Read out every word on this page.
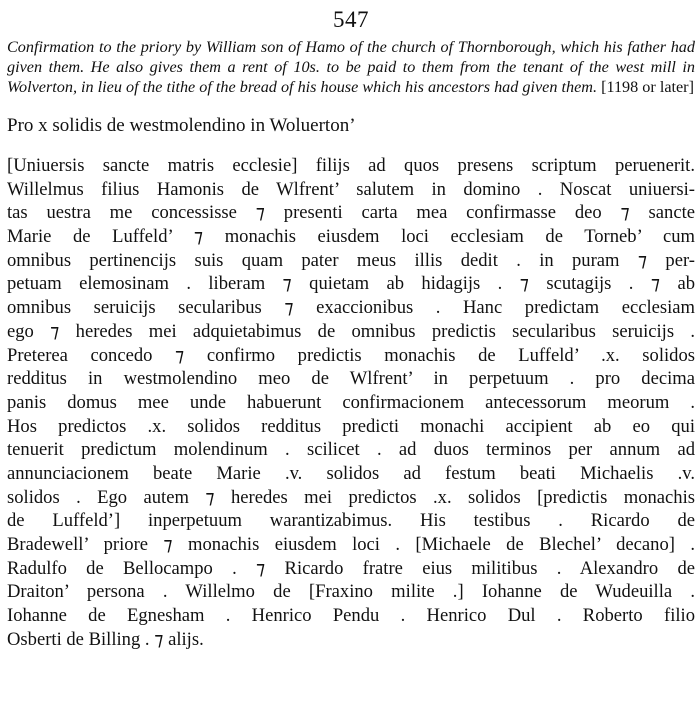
547
Confirmation to the priory by William son of Hamo of the church of Thornborough, which his father had given them. He also gives them a rent of 10s. to be paid to them from the tenant of the west mill in Wolverton, in lieu of the tithe of the bread of his house which his ancestors had given them. [1198 or later]
Pro x solidis de westmolendino in Woluerton’
[Uniuersis sancte matris ecclesie] filijs ad quos presens scriptum peruenerit.
Willelmus filius Hamonis de Wlfrent’ salutem in domino . Noscat uniuersi-
tas uestra me concessisse ⁊ presenti carta mea confirmasse deo ⁊ sancte
Marie de Luffeld’ ⁊ monachis eiusdem loci ecclesiam de Torneb’ cum
omnibus pertinencijs suis quam pater meus illis dedit . in puram ⁊ per-
petuam elemosinam . liberam ⁊ quietam ab hidagijs . ⁊ scutagijs . ⁊ ab
omnibus seruicijs secularibus ⁊ exaccionibus . Hanc predictam ecclesiam
ego ⁊ heredes mei adquietabimus de omnibus predictis secularibus seruicijs .
Preterea concedo ⁊ confirmo predictis monachis de Luffeld’ .x. solidos
redditus in westmolendino meo de Wlfrent’ in perpetuum . pro decima
panis domus mee unde habuerunt confirmacionem antecessorum meorum .
Hos predictos .x. solidos redditus predicti monachi accipient ab eo qui
tenuerit predictum molendinum . scilicet . ad duos terminos per annum ad
annunciacionem beate Marie .v. solidos ad festum beati Michaelis .v.
solidos . Ego autem ⁊ heredes mei predictos .x. solidos [predictis monachis
de Luffeld’] inperpetuum warantizabimus. His testibus . Ricardo de
Bradewell’ priore ⁊ monachis eiusdem loci . [Michaele de Blechel’ decano] .
Radulfo de Bellocampo . ⁊ Ricardo fratre eius militibus . Alexandro de
Draiton’ persona . Willelmo de [Fraxino milite .] Iohanne de Wudeuilla .
Iohanne de Egnesham . Henrico Pendu . Henrico Dul . Roberto filio
Osberti de Billing . ⁊ alijs.
